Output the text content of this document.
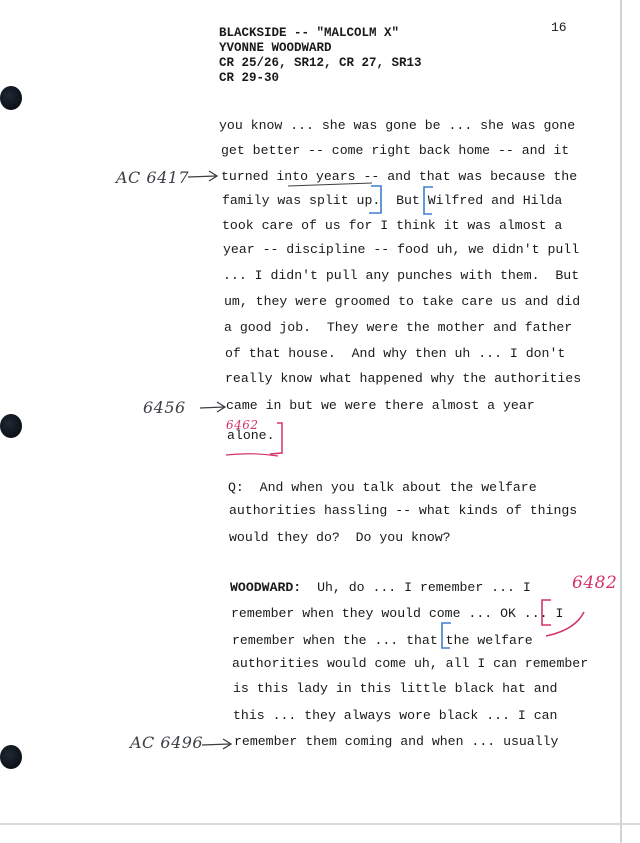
BLACKSIDE -- "MALCOLM X"
YVONNE WOODWARD
CR 25/26, SR12, CR 27, SR13
CR 29-30
16
you know ... she was gone be ... she was gone
get better -- come right back home -- and it
turned into years -- and that was because the
family was split up.  But Wilfred and Hilda
took care of us for I think it was almost a
year -- discipline -- food uh, we didn't pull
... I didn't pull any punches with them.  But
um, they were groomed to take care us and did
a good job.  They were the mother and father
of that house.  And why then uh ... I don't
really know what happened why the authorities
came in but we were there almost a year
alone.
Q:  And when you talk about the welfare
authorities hassling -- what kinds of things
would they do?  Do you know?
WOODWARD: Uh, do ... I remember ... I
remember when they would come ... OK ... I
remember when the ... that the welfare
authorities would come uh, all I can remember
is this lady in this little black hat and
this ... they always wore black ... I can
remember them coming and when ... usually
AC 6417
6456
6462
6482
AC 6496
